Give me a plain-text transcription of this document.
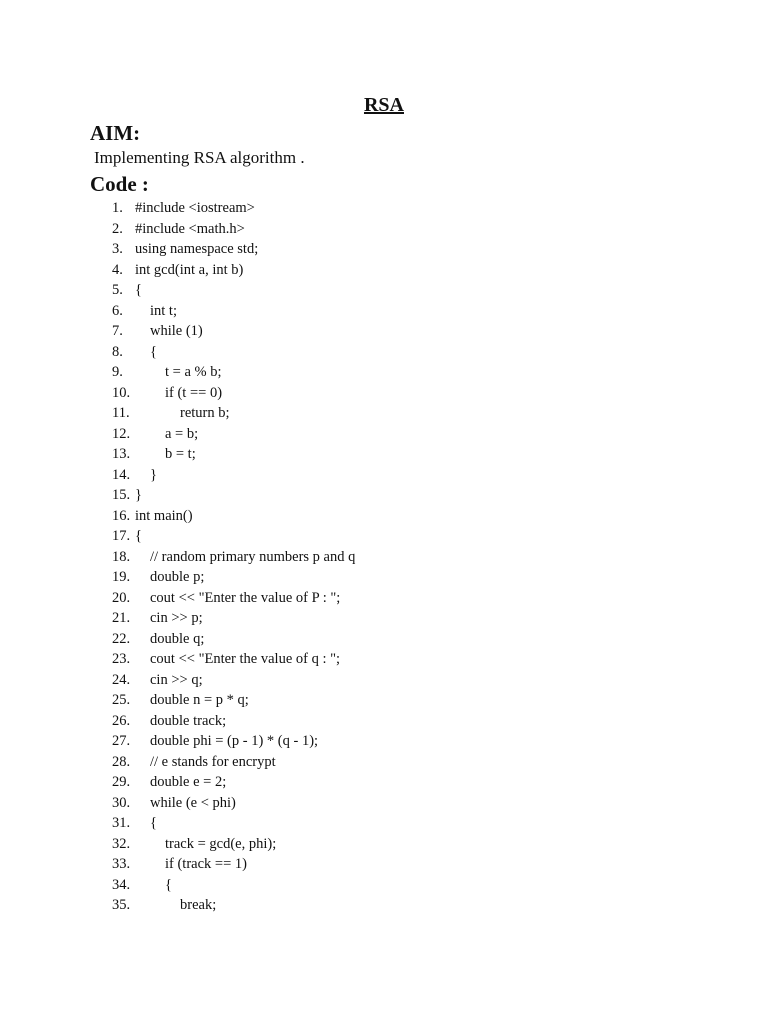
RSA
AIM:
Implementing RSA algorithm .
Code :
1. #include <iostream>
2. #include <math.h>
3. using namespace std;
4. int gcd(int a, int b)
5. {
6. int t;
7. while (1)
8. {
9.	t = a % b;
10. if (t == 0)
11.	return b;
12. a = b;
13. b = t;
14. }
15. }
16. int main()
17. {
18. // random primary numbers p and q
19. double p;
20. cout << "Enter the value of P : ";
21. cin >> p;
22. double q;
23. cout << "Enter the value of q : ";
24. cin >> q;
25. double n = p * q;
26. double track;
27. double phi = (p - 1) * (q - 1);
28. // e stands for encrypt
29. double e = 2;
30. while (e < phi)
31. {
32. track = gcd(e, phi);
33. if (track == 1)
34. {
35.	break;
